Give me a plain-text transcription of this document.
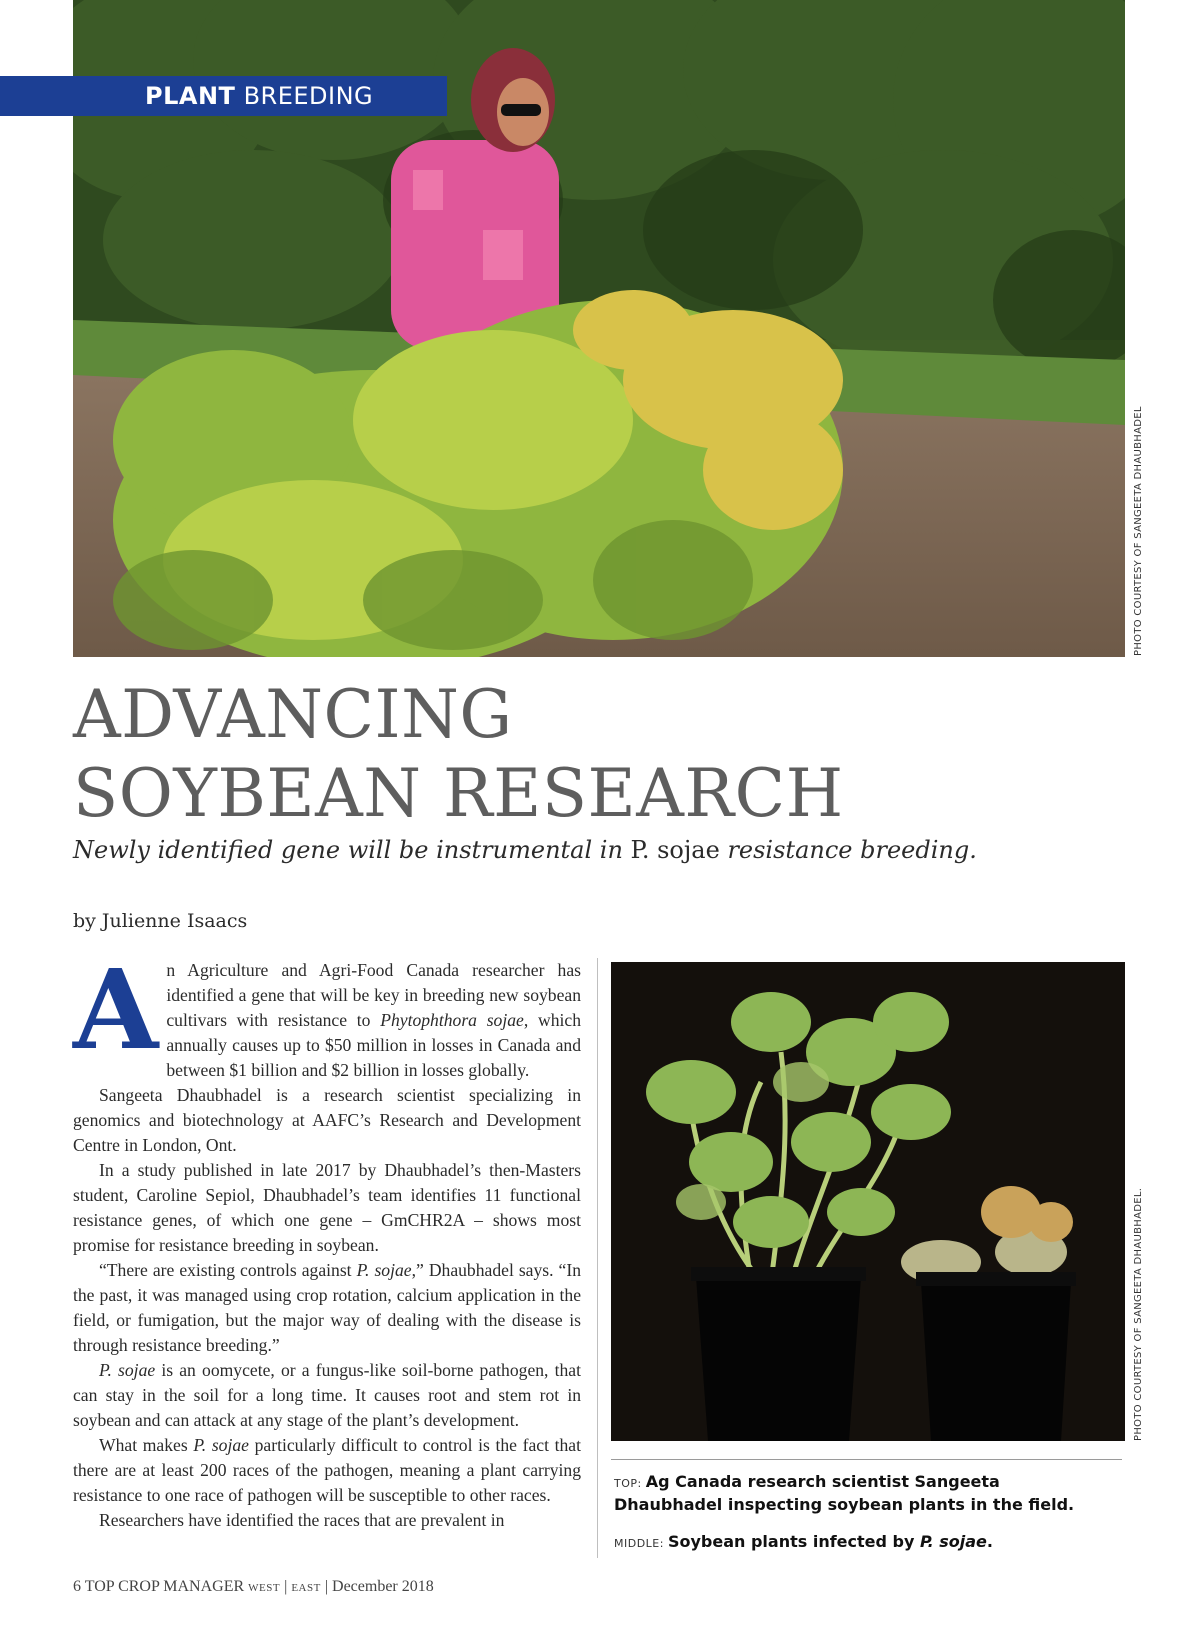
PLANT BREEDING
PHOTO COURTESY OF SANGEETA DHAUBHADEL
ADVANCING
SOYBEAN RESEARCH

Newly identified gene will be instrumental in P. sojae resistance breeding.

by Julienne Isaacs

An Agriculture and Agri-Food Canada researcher has identified a gene that will be key in breeding new soybean cultivars with resistance to Phytophthora sojae, which annually causes up to $50 million in losses in Canada and between $1 billion and $2 billion in losses globally.

Sangeeta Dhaubhadel is a research scientist specializing in genomics and biotechnology at AAFC’s Research and Development Centre in London, Ont.

In a study published in late 2017 by Dhaubhadel’s then-Masters student, Caroline Sepiol, Dhaubhadel’s team identifies 11 functional resistance genes, of which one gene – GmCHR2A – shows most promise for resistance breeding in soybean.

“There are existing controls against P. sojae,” Dhaubhadel says. “In the past, it was managed using crop rotation, calcium application in the field, or fumigation, but the major way of dealing with the disease is through resistance breeding.”

P. sojae is an oomycete, or a fungus-like soil-borne pathogen, that can stay in the soil for a long time. It causes root and stem rot in soybean and can attack at any stage of the plant’s development.

What makes P. sojae particularly difficult to control is the fact that there are at least 200 races of the pathogen, meaning a plant carrying resistance to one race of pathogen will be susceptible to other races.

Researchers have identified the races that are prevalent in

PHOTO COURTESY OF SANGEETA DHAUBHADEL.
TOP: Ag Canada research scientist Sangeeta Dhaubhadel inspecting soybean plants in the field.
MIDDLE: Soybean plants infected by P. sojae.
6 TOP CROP MANAGER WEST | EAST | December 2018
